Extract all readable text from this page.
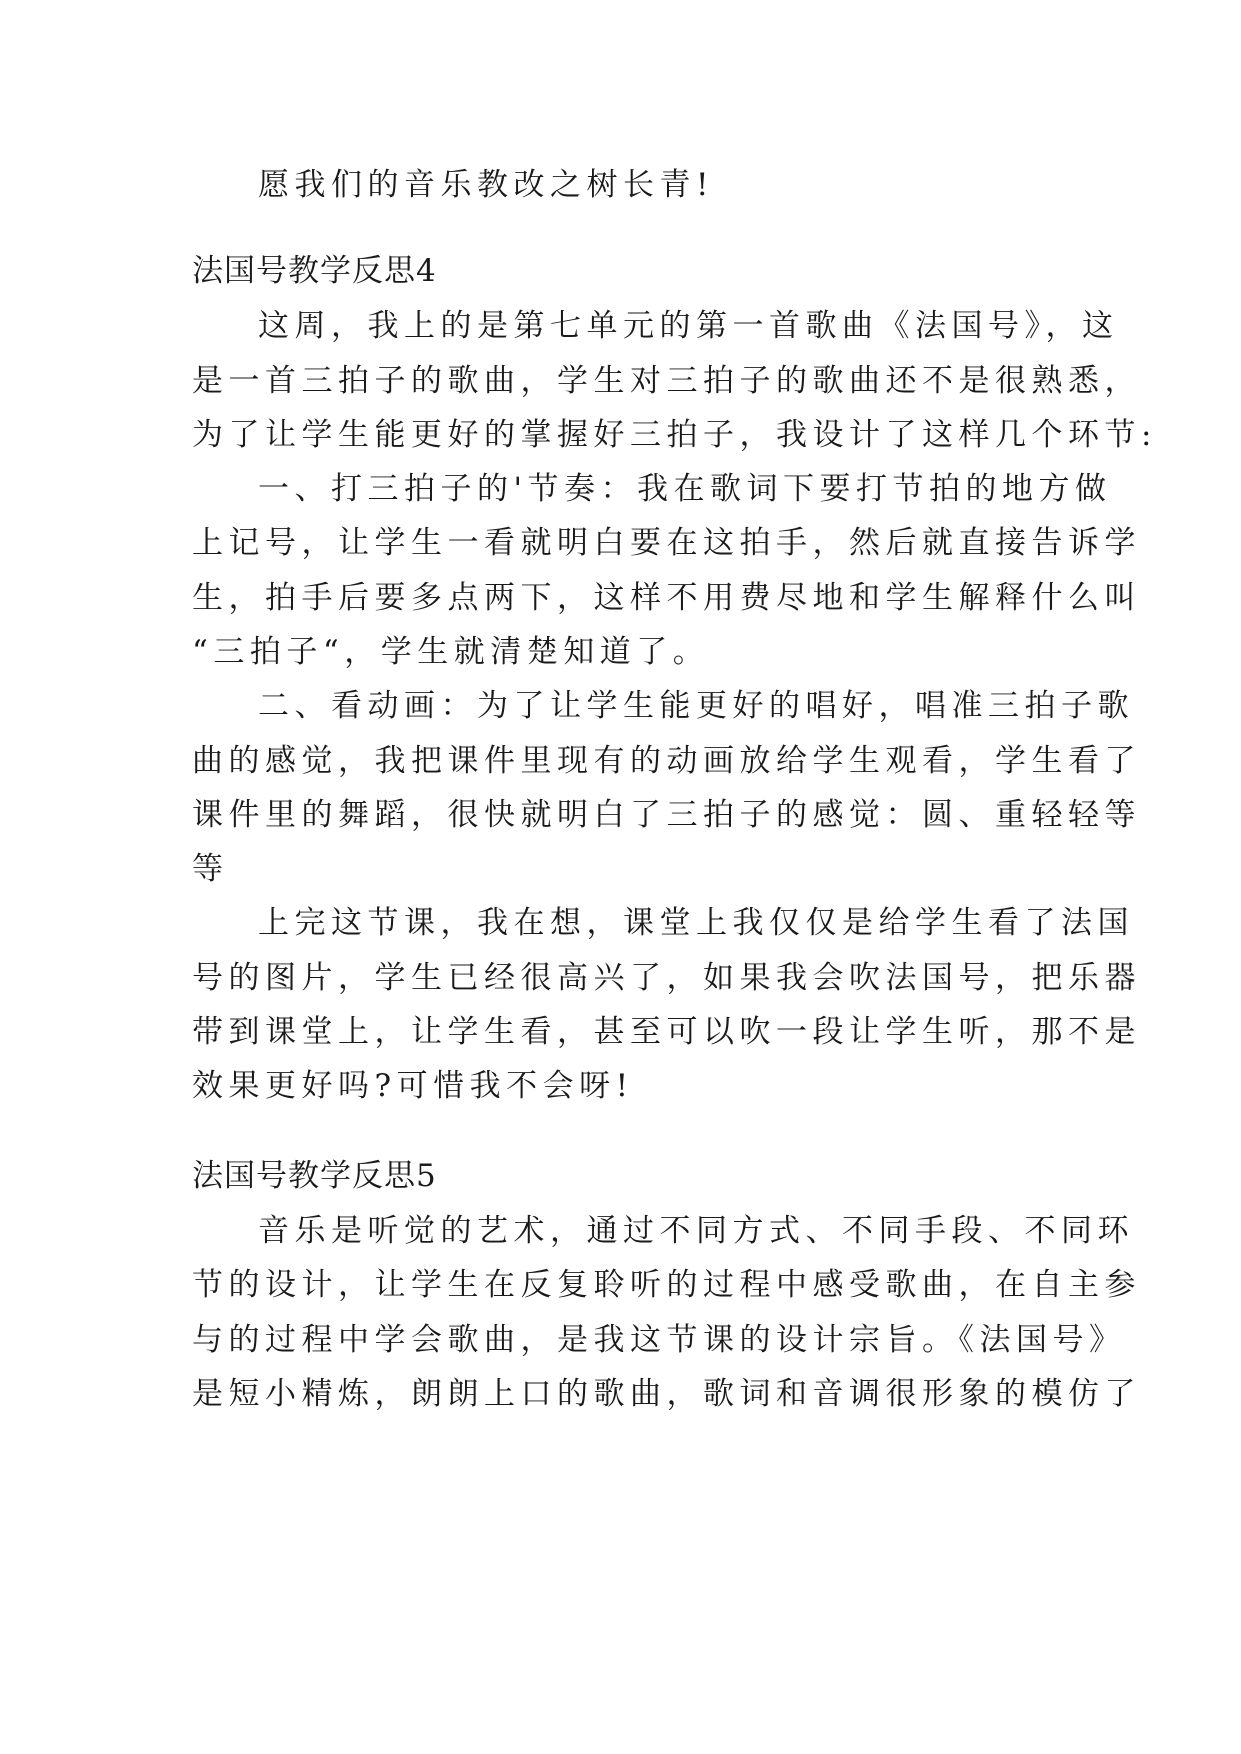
愿我们的音乐教改之树长青!
法国号教学反思4
这周，我上的是第七单元的第一首歌曲《法国号》，这
是一首三拍子的歌曲，学生对三拍子的歌曲还不是很熟悉，
为了让学生能更好的掌握好三拍子，我设计了这样几个环节:
一、打三拍子的'节奏：我在歌词下要打节拍的地方做
上记号，让学生一看就明白要在这拍手，然后就直接告诉学
生，拍手后要多点两下，这样不用费尽地和学生解释什么叫
“三拍子“，学生就清楚知道了。
二、看动画：为了让学生能更好的唱好，唱准三拍子歌
曲的感觉，我把课件里现有的动画放给学生观看，学生看了
课件里的舞蹈，很快就明白了三拍子的感觉：圆、重轻轻等
等
上完这节课，我在想，课堂上我仅仅是给学生看了法国
号的图片，学生已经很高兴了，如果我会吹法国号，把乐器
带到课堂上，让学生看，甚至可以吹一段让学生听，那不是
效果更好吗?可惜我不会呀!
法国号教学反思5
音乐是听觉的艺术，通过不同方式、不同手段、不同环
节的设计，让学生在反复聆听的过程中感受歌曲，在自主参
与的过程中学会歌曲，是我这节课的设计宗旨。《法国号》
是短小精炼，朗朗上口的歌曲，歌词和音调很形象的模仿了
